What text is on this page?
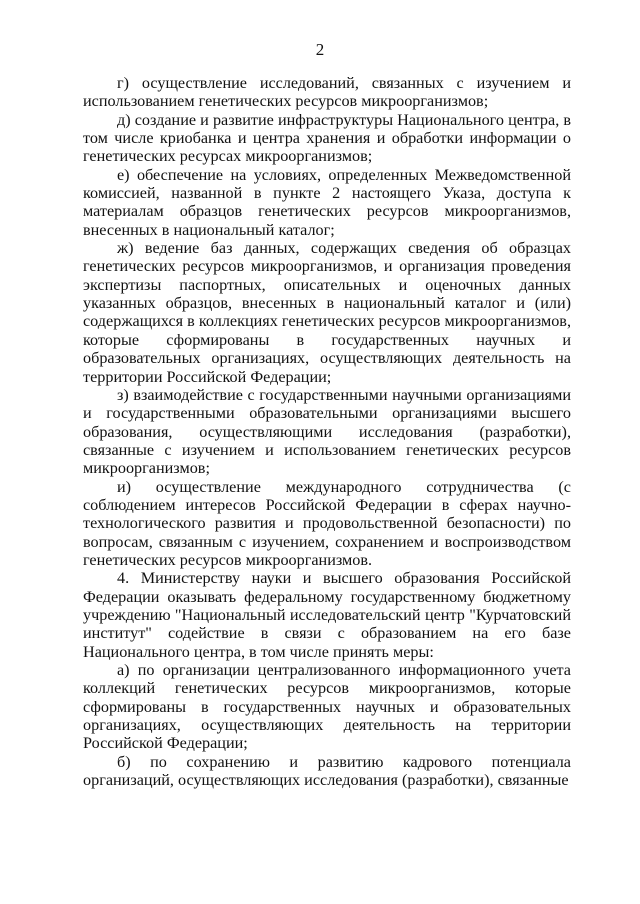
2

г) осуществление исследований, связанных с изучением и использованием генетических ресурсов микроорганизмов;

д) создание и развитие инфраструктуры Национального центра, в том числе криобанка и центра хранения и обработки информации о генетических ресурсах микроорганизмов;

е) обеспечение на условиях, определенных Межведомственной комиссией, названной в пункте 2 настоящего Указа, доступа к материалам образцов генетических ресурсов микроорганизмов, внесенных в национальный каталог;

ж) ведение баз данных, содержащих сведения об образцах генетических ресурсов микроорганизмов, и организация проведения экспертизы паспортных, описательных и оценочных данных указанных образцов, внесенных в национальный каталог и (или) содержащихся в коллекциях генетических ресурсов микроорганизмов, которые сформированы в государственных научных и образовательных организациях, осуществляющих деятельность на территории Российской Федерации;

з) взаимодействие с государственными научными организациями и государственными образовательными организациями высшего образования, осуществляющими исследования (разработки), связанные с изучением и использованием генетических ресурсов микроорганизмов;

и) осуществление международного сотрудничества (с соблюдением интересов Российской Федерации в сферах научно-технологического развития и продовольственной безопасности) по вопросам, связанным с изучением, сохранением и воспроизводством генетических ресурсов микроорганизмов.

4. Министерству науки и высшего образования Российской Федерации оказывать федеральному государственному бюджетному учреждению "Национальный исследовательский центр "Курчатовский институт" содействие в связи с образованием на его базе Национального центра, в том числе принять меры:

а) по организации централизованного информационного учета коллекций генетических ресурсов микроорганизмов, которые сформированы в государственных научных и образовательных организациях, осуществляющих деятельность на территории Российской Федерации;

б) по сохранению и развитию кадрового потенциала организаций, осуществляющих исследования (разработки), связанные
